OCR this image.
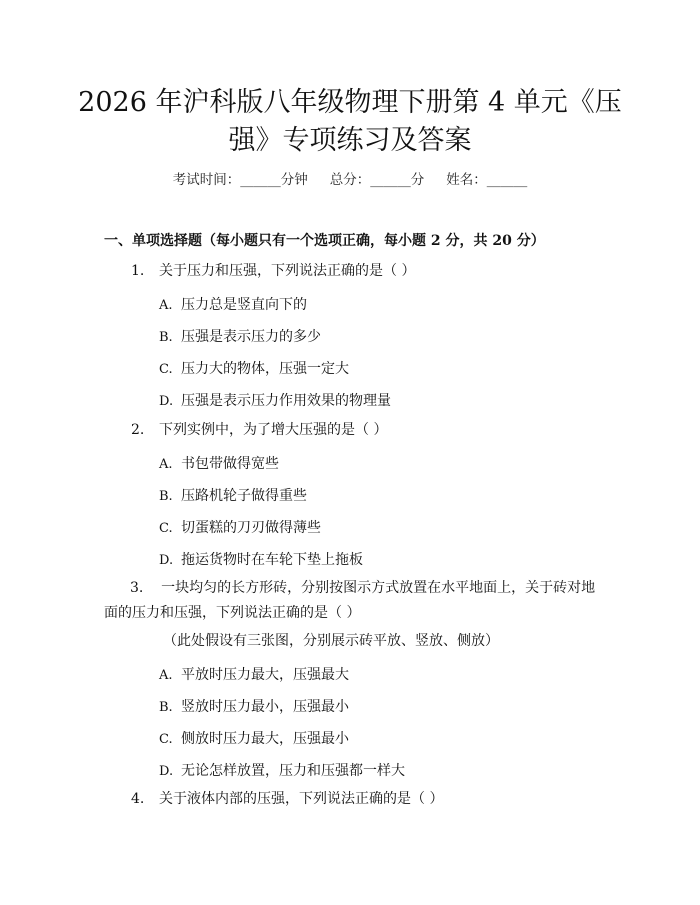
2026 年沪科版八年级物理下册第 4 单元《压
强》专项练习及答案
考试时间：______分钟 总分：______分 姓名：______
一、单项选择题（每小题只有一个选项正确，每小题 2 分，共 20 分）
1. 关于压力和压强，下列说法正确的是（ ）
A. 压力总是竖直向下的
B. 压强是表示压力的多少
C. 压力大的物体，压强一定大
D. 压强是表示压力作用效果的物理量
2. 下列实例中，为了增大压强的是（ ）
A. 书包带做得宽些
B. 压路机轮子做得重些
C. 切蛋糕的刀刃做得薄些
D. 拖运货物时在车轮下垫上拖板
3. 一块均匀的长方形砖，分别按图示方式放置在水平地面上，关于砖对地面的压力和压强，下列说法正确的是（ ）
（此处假设有三张图，分别展示砖平放、竖放、侧放）
A. 平放时压力最大，压强最大
B. 竖放时压力最小，压强最小
C. 侧放时压力最大，压强最小
D. 无论怎样放置，压力和压强都一样大
4. 关于液体内部的压强，下列说法正确的是（ ）
